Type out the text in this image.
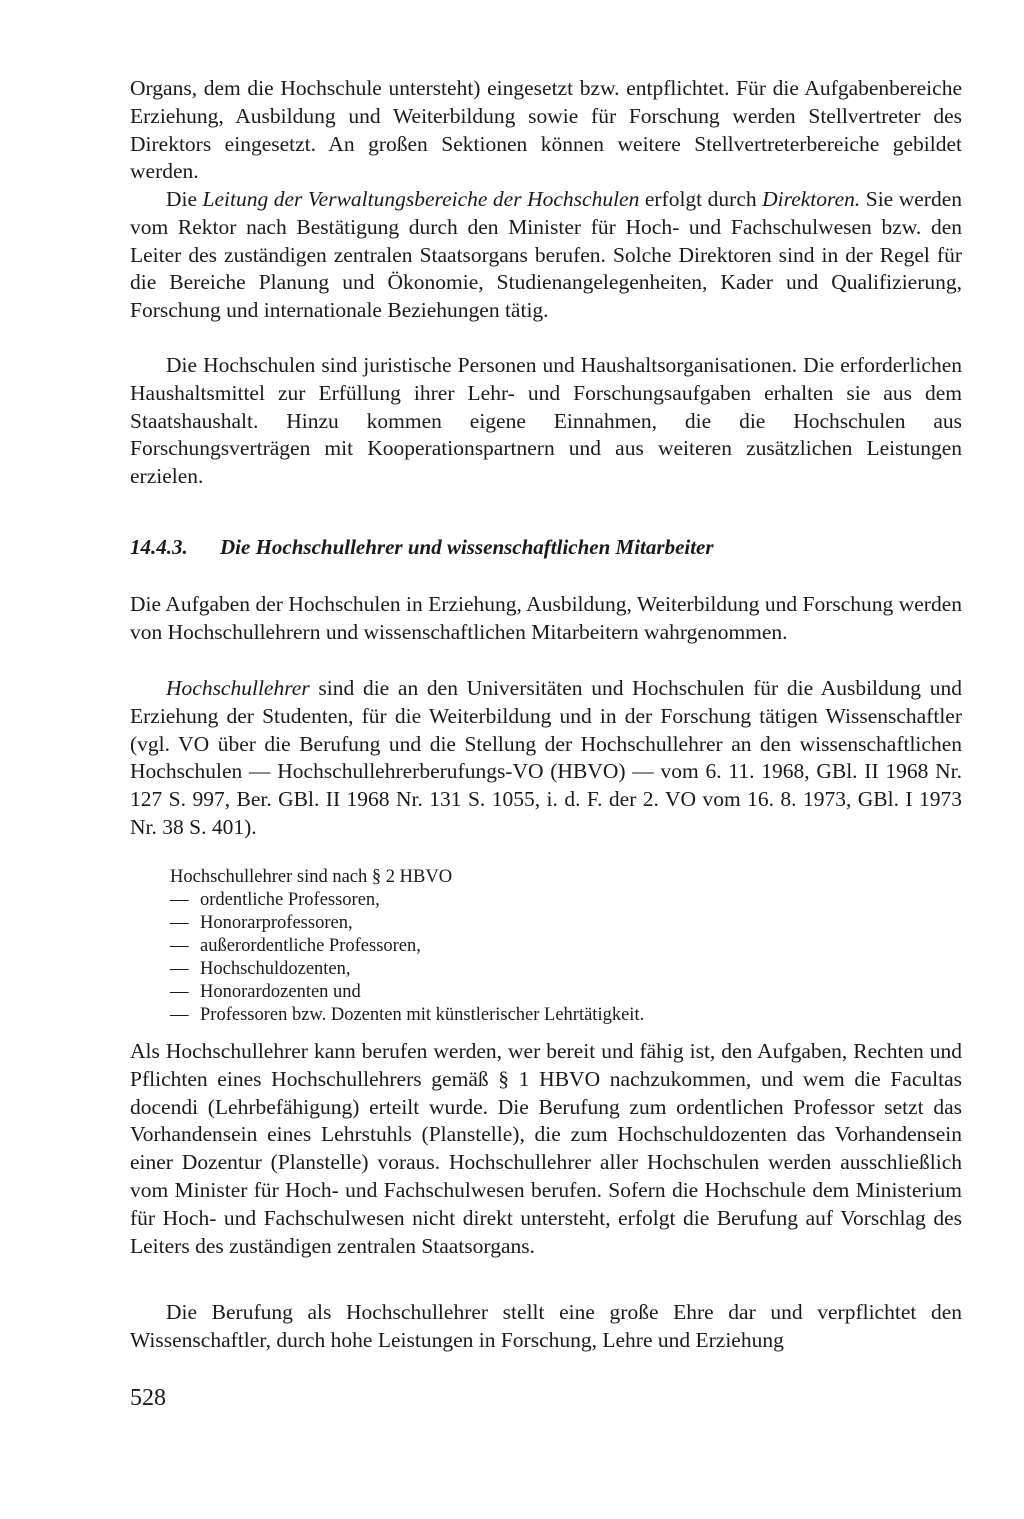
Organs, dem die Hochschule untersteht) eingesetzt bzw. entpflichtet. Für die Aufgabenbereiche Erziehung, Ausbildung und Weiterbildung sowie für Forschung werden Stellvertreter des Direktors eingesetzt. An großen Sektionen können weitere Stellvertreterbereiche gebildet werden.

Die Leitung der Verwaltungsbereiche der Hochschulen erfolgt durch Direktoren. Sie werden vom Rektor nach Bestätigung durch den Minister für Hoch- und Fachschulwesen bzw. den Leiter des zuständigen zentralen Staatsorgans berufen. Solche Direktoren sind in der Regel für die Bereiche Planung und Ökonomie, Studienangelegenheiten, Kader und Qualifizierung, Forschung und internationale Beziehungen tätig.

Die Hochschulen sind juristische Personen und Haushaltsorganisationen. Die erforderlichen Haushaltsmittel zur Erfüllung ihrer Lehr- und Forschungsaufgaben erhalten sie aus dem Staatshaushalt. Hinzu kommen eigene Einnahmen, die die Hochschulen aus Forschungsverträgen mit Kooperationspartnern und aus weiteren zusätzlichen Leistungen erzielen.

14.4.3. Die Hochschullehrer und wissenschaftlichen Mitarbeiter

Die Aufgaben der Hochschulen in Erziehung, Ausbildung, Weiterbildung und Forschung werden von Hochschullehrern und wissenschaftlichen Mitarbeitern wahrgenommen.

Hochschullehrer sind die an den Universitäten und Hochschulen für die Ausbildung und Erziehung der Studenten, für die Weiterbildung und in der Forschung tätigen Wissenschaftler (vgl. VO über die Berufung und die Stellung der Hochschullehrer an den wissenschaftlichen Hochschulen — Hochschullehrerberufungs-VO (HBVO) — vom 6. 11. 1968, GBl. II 1968 Nr. 127 S. 997, Ber. GBl. II 1968 Nr. 131 S. 1055, i. d. F. der 2. VO vom 16. 8. 1973, GBl. I 1973 Nr. 38 S. 401).

Hochschullehrer sind nach § 2 HBVO
— ordentliche Professoren,
— Honorarprofessoren,
— außerordentliche Professoren,
— Hochschuldozenten,
— Honorardozenten und
— Professoren bzw. Dozenten mit künstlerischer Lehrtätigkeit.

Als Hochschullehrer kann berufen werden, wer bereit und fähig ist, den Aufgaben, Rechten und Pflichten eines Hochschullehrers gemäß § 1 HBVO nachzukommen, und wem die Facultas docendi (Lehrbefähigung) erteilt wurde. Die Berufung zum ordentlichen Professor setzt das Vorhandensein eines Lehrstuhls (Planstelle), die zum Hochschuldozenten das Vorhandensein einer Dozentur (Planstelle) voraus. Hochschullehrer aller Hochschulen werden ausschließlich vom Minister für Hoch- und Fachschulwesen berufen. Sofern die Hochschule dem Ministerium für Hoch- und Fachschulwesen nicht direkt untersteht, erfolgt die Berufung auf Vorschlag des Leiters des zuständigen zentralen Staatsorgans.

Die Berufung als Hochschullehrer stellt eine große Ehre dar und verpflichtet den Wissenschaftler, durch hohe Leistungen in Forschung, Lehre und Erziehung

528
